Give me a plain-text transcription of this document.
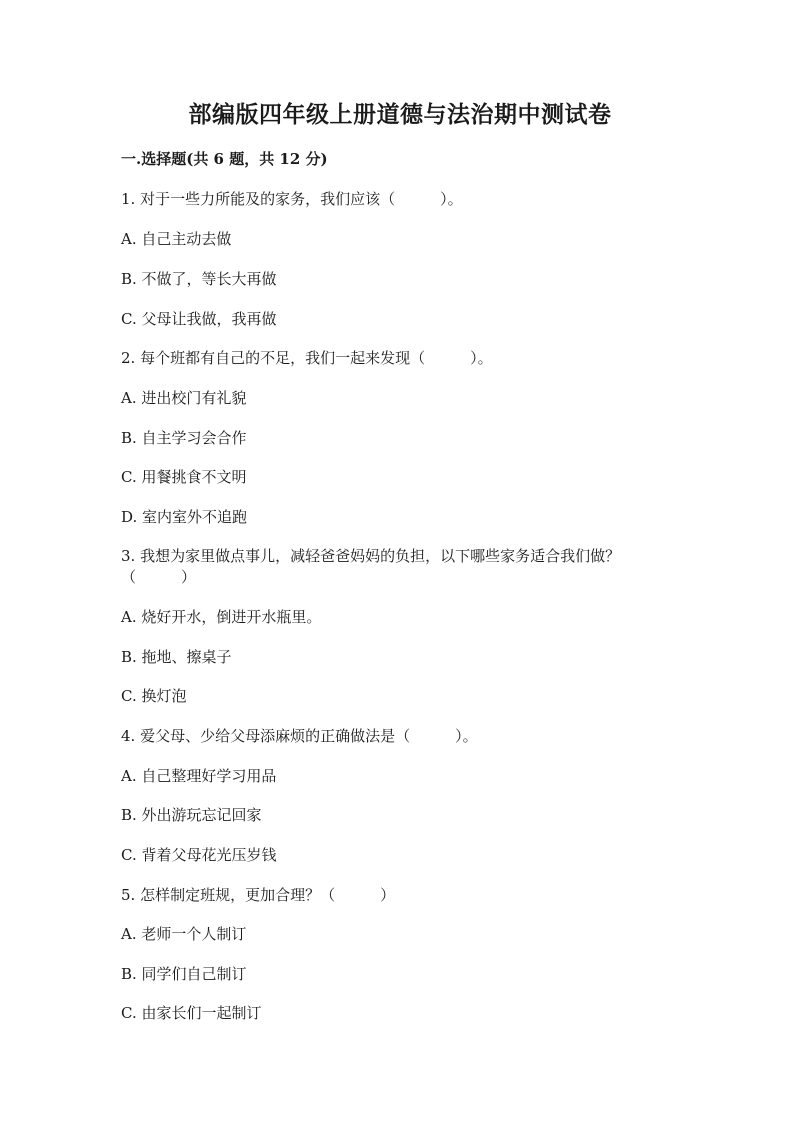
部编版四年级上册道德与法治期中测试卷
一.选择题(共 6 题，共 12 分)
1. 对于一些力所能及的家务，我们应该（　　　）。
A. 自己主动去做
B. 不做了，等长大再做
C. 父母让我做，我再做
2. 每个班都有自己的不足，我们一起来发现（　　　）。
A. 进出校门有礼貌
B. 自主学习会合作
C. 用餐挑食不文明
D. 室内室外不追跑
3. 我想为家里做点事儿，减轻爸爸妈妈的负担，以下哪些家务适合我们做？
（　　　）
A. 烧好开水，倒进开水瓶里。
B. 拖地、擦桌子
C. 换灯泡
4. 爱父母、少给父母添麻烦的正确做法是（　　　）。
A. 自己整理好学习用品
B. 外出游玩忘记回家
C. 背着父母花光压岁钱
5. 怎样制定班规，更加合理？（　　　）
A. 老师一个人制订
B. 同学们自己制订
C. 由家长们一起制订
